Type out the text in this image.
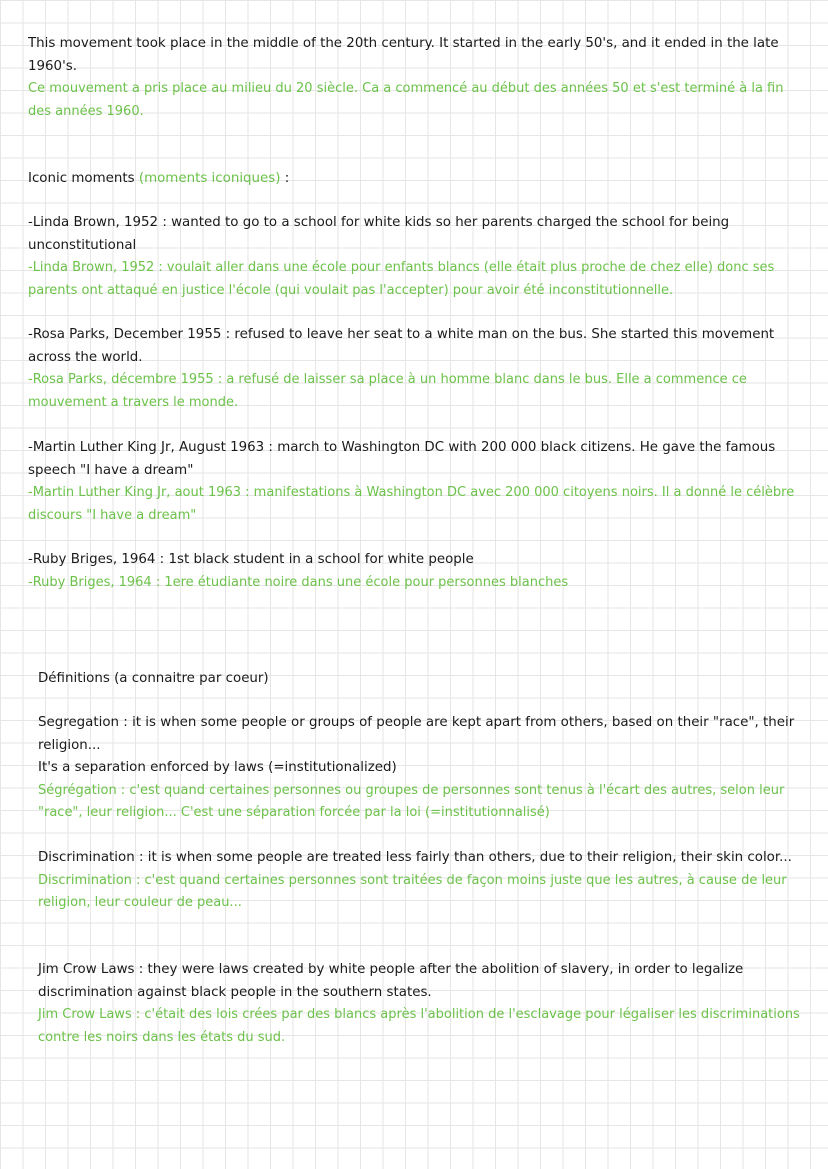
This movement took place in the middle of the 20th century. It started in the early 50's, and it ended in the late 1960's.

Ce mouvement a pris place au milieu du 20 siècle. Ca a commencé au début des années 50 et s'est terminé à la fin des années 1960.

Iconic moments (moments iconiques) :

-Linda Brown, 1952 : wanted to go to a school for white kids so her parents charged the school for being unconstitutional

-Linda Brown, 1952 : voulait aller dans une école pour enfants blancs (elle était plus proche de chez elle) donc ses parents ont attaqué en justice l'école (qui voulait pas l'accepter) pour avoir été inconstitutionnelle.

-Rosa Parks, December 1955 : refused to leave her seat to a white man on the bus. She started this movement across the world.

-Rosa Parks, décembre 1955 : a refusé de laisser sa place à un homme blanc dans le bus. Elle a commence ce mouvement a travers le monde.

-Martin Luther King Jr, August 1963 : march to Washington DC with 200 000 black citizens. He gave the famous speech "I have a dream"

-Martin Luther King Jr, aout 1963 : manifestations à Washington DC avec 200 000 citoyens noirs. Il a donné le célèbre discours "I have a dream"

-Ruby Briges, 1964 : 1st black student in a school for white people

-Ruby Briges, 1964 : 1ere étudiante noire dans une école pour personnes blanches

Définitions (a connaitre par coeur)

Segregation : it is when some people or groups of people are kept apart from others, based on their "race", their religion...

It's a separation enforced by laws (=institutionalized)

Ségrégation : c'est quand certaines personnes ou groupes de personnes sont tenus à l'écart des autres, selon leur "race", leur religion... C'est une séparation forcée par la loi (=institutionnalisé)

Discrimination : it is when some people are treated less fairly than others, due to their religion, their skin color...

Discrimination : c'est quand certaines personnes sont traitées de façon moins juste que les autres, à cause de leur religion, leur couleur de peau...

Jim Crow Laws : they were laws created by white people after the abolition of slavery, in order to legalize discrimination against black people in the southern states.

Jim Crow Laws : c'était des lois crées par des blancs après l'abolition de l'esclavage pour légaliser les discriminations contre les noirs dans les états du sud.
